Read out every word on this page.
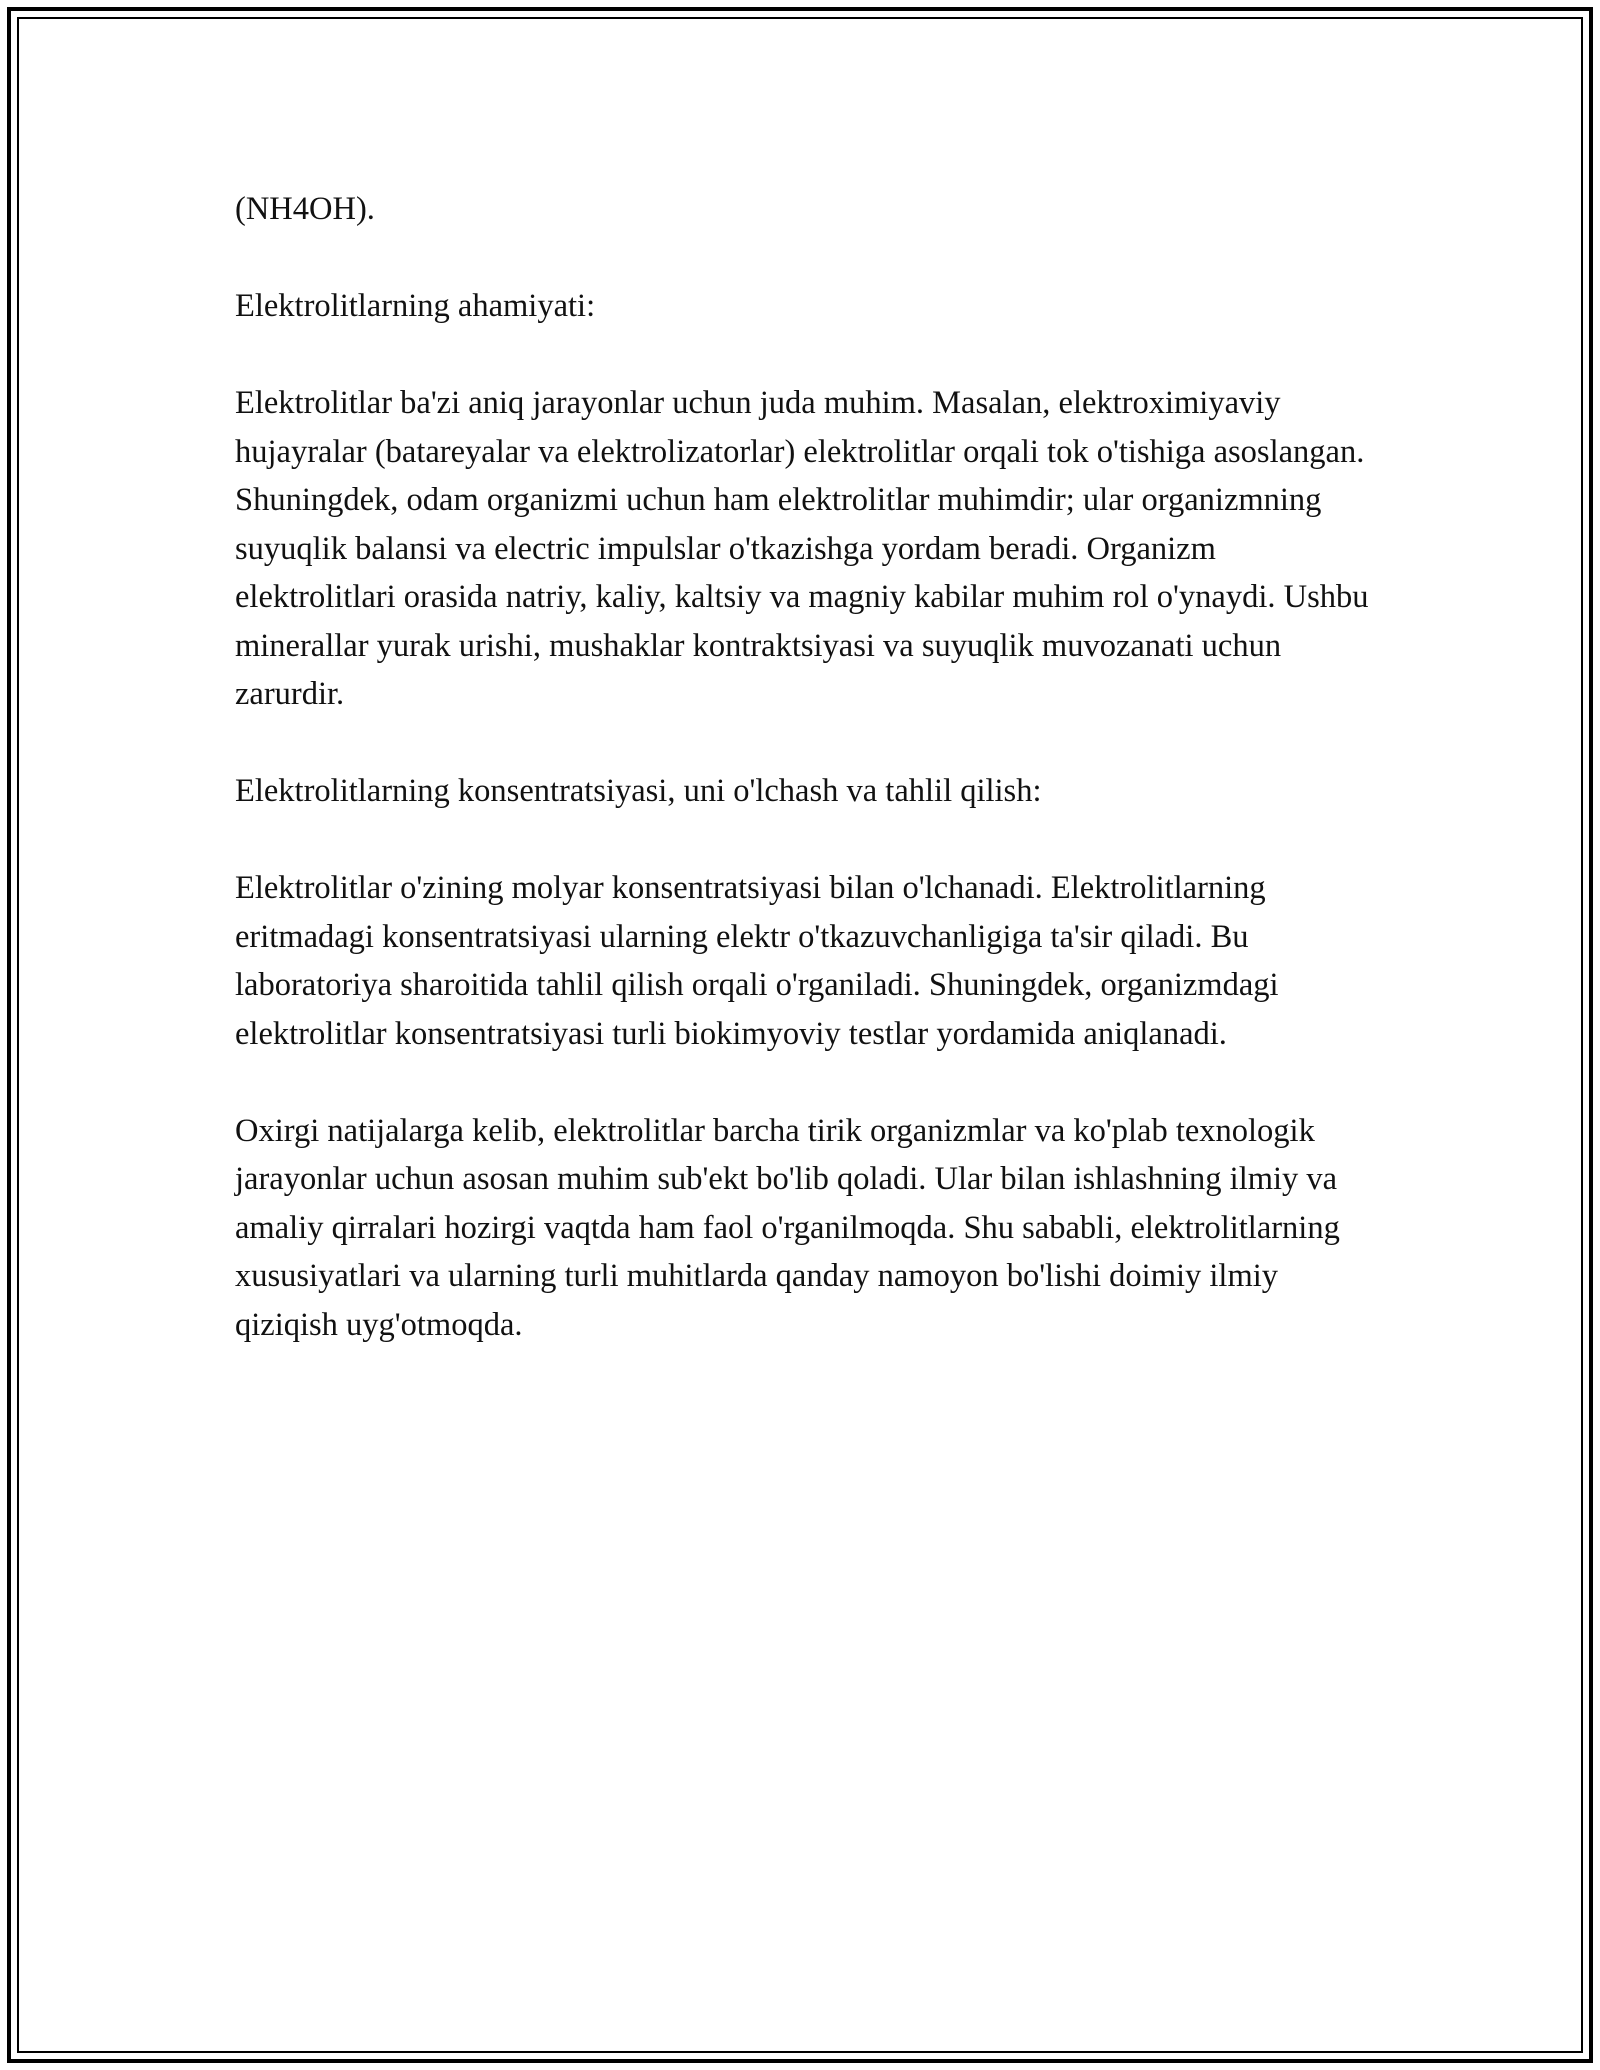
(NH4OH).

Elektrolitlarning ahamiyati:

Elektrolitlar ba'zi aniq jarayonlar uchun juda muhim. Masalan, elektroximiyaviy hujayralar (batareyalar va elektrolizatorlar) elektrolitlar orqali tok o'tishiga asoslangan. Shuningdek, odam organizmi uchun ham elektrolitlar muhimdir; ular organizmning suyuqlik balansi va electric impulslar o'tkazishga yordam beradi. Organizm elektrolitlari orasida natriy, kaliy, kaltsiy va magniy kabilar muhim rol o'ynaydi. Ushbu minerallar yurak urishi, mushaklar kontraktsiyasi va suyuqlik muvozanati uchun zarurdir.

Elektrolitlarning konsentratsiyasi, uni o'lchash va tahlil qilish:

Elektrolitlar o'zining molyar konsentratsiyasi bilan o'lchanadi. Elektrolitlarning eritmadagi konsentratsiyasi ularning elektr o'tkazuvchanligiga ta'sir qiladi. Bu laboratoriya sharoitida tahlil qilish orqali o'rganiladi. Shuningdek, organizmdagi elektrolitlar konsentratsiyasi turli biokimyoviy testlar yordamida aniqlanadi.

Oxirgi natijalarga kelib, elektrolitlar barcha tirik organizmlar va ko'plab texnologik jarayonlar uchun asosan muhim sub'ekt bo'lib qoladi. Ular bilan ishlashning ilmiy va amaliy qirralari hozirgi vaqtda ham faol o'rganilmoqda. Shu sababli, elektrolitlarning xususiyatlari va ularning turli muhitlarda qanday namoyon bo'lishi doimiy ilmiy qiziqish uyg'otmoqda.
